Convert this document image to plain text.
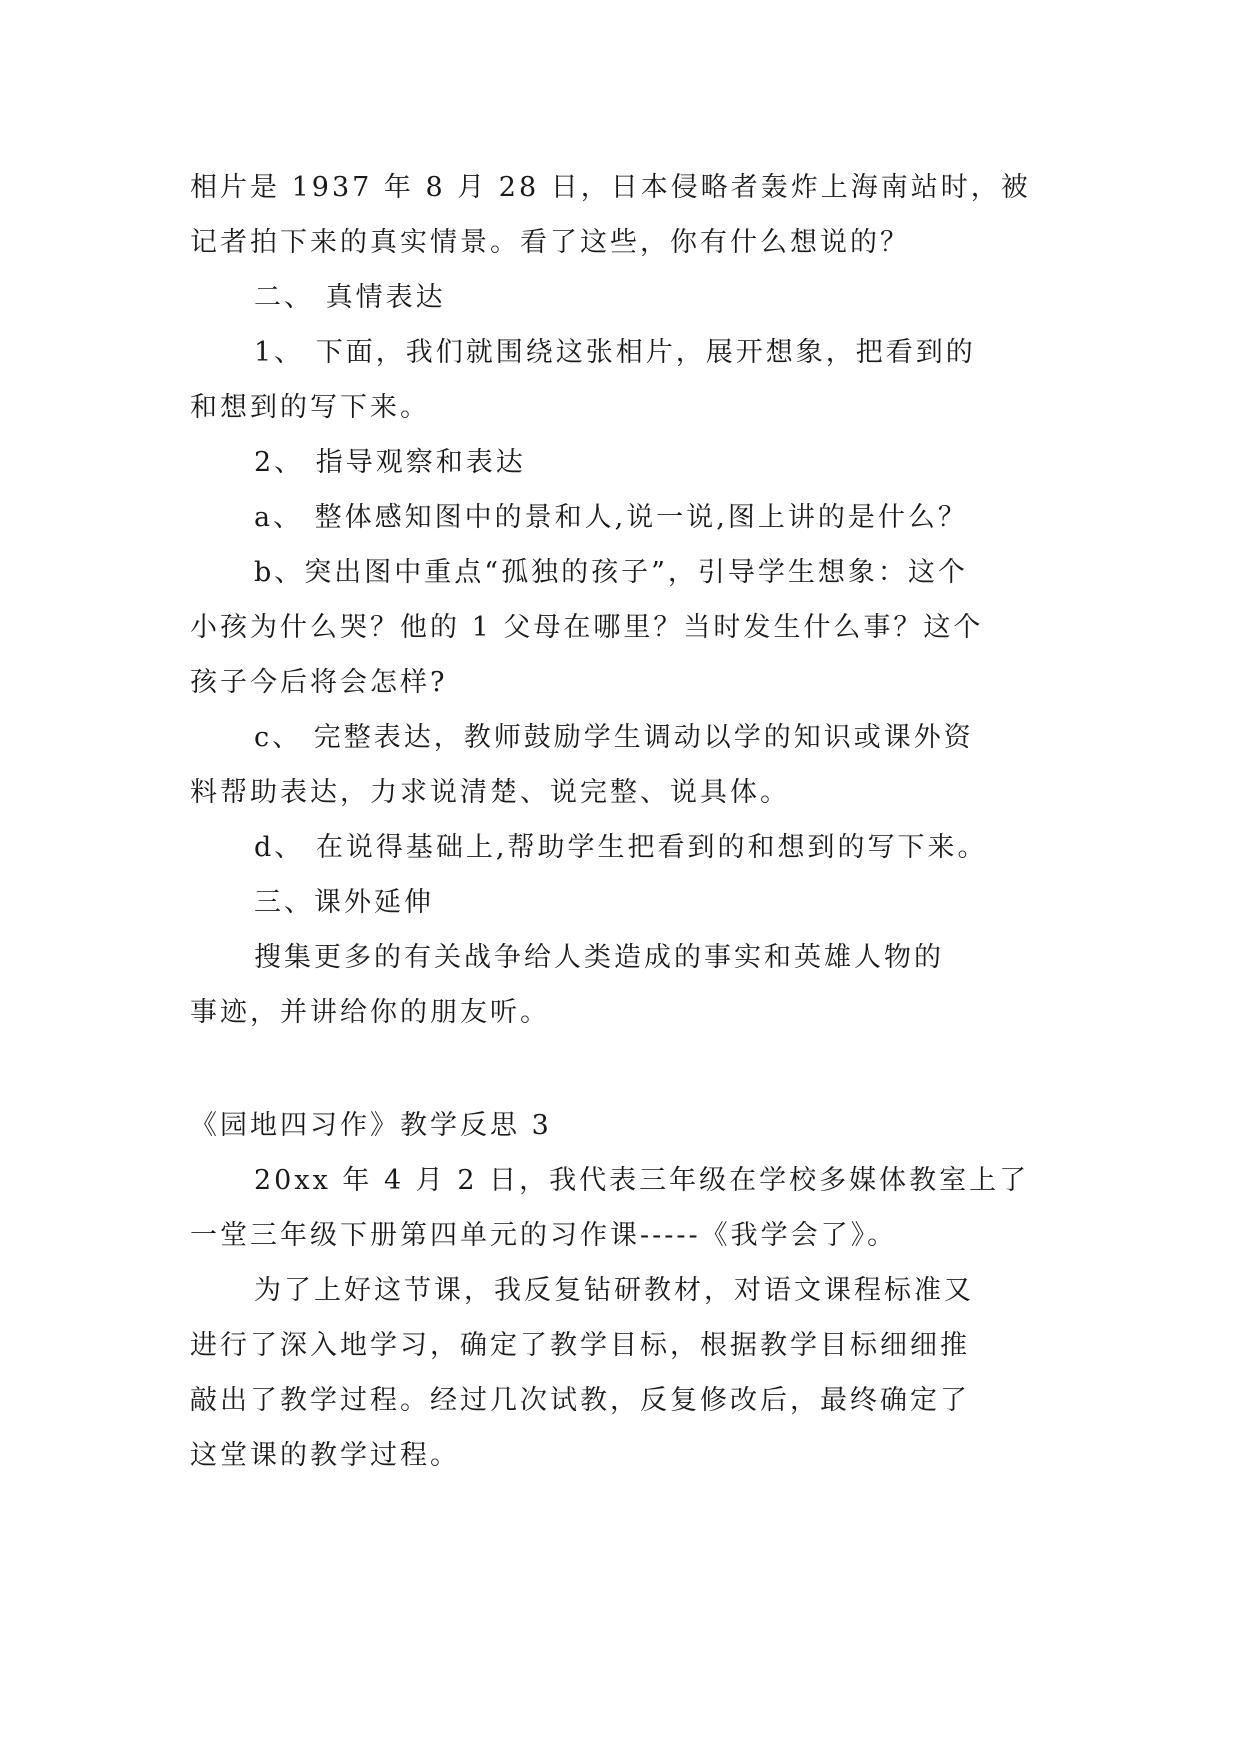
相片是 1937 年 8 月 28 日，日本侵略者轰炸上海南站时，被
记者拍下来的真实情景。看了这些，你有什么想说的？
二、 真情表达
1、 下面，我们就围绕这张相片，展开想象，把看到的
和想到的写下来。
2、 指导观察和表达
a、 整体感知图中的景和人,说一说,图上讲的是什么？
b、突出图中重点“孤独的孩子”，引导学生想象：这个
小孩为什么哭？他的 1 父母在哪里？当时发生什么事？这个
孩子今后将会怎样?
c、 完整表达，教师鼓励学生调动以学的知识或课外资
料帮助表达，力求说清楚、说完整、说具体。
d、 在说得基础上,帮助学生把看到的和想到的写下来。
三、课外延伸
搜集更多的有关战争给人类造成的事实和英雄人物的
事迹，并讲给你的朋友听。
《园地四习作》教学反思 3
20xx 年 4 月 2 日，我代表三年级在学校多媒体教室上了
一堂三年级下册第四单元的习作课-----《我学会了》。
为了上好这节课，我反复钻研教材，对语文课程标准又
进行了深入地学习，确定了教学目标，根据教学目标细细推
敲出了教学过程。经过几次试教，反复修改后，最终确定了
这堂课的教学过程。
